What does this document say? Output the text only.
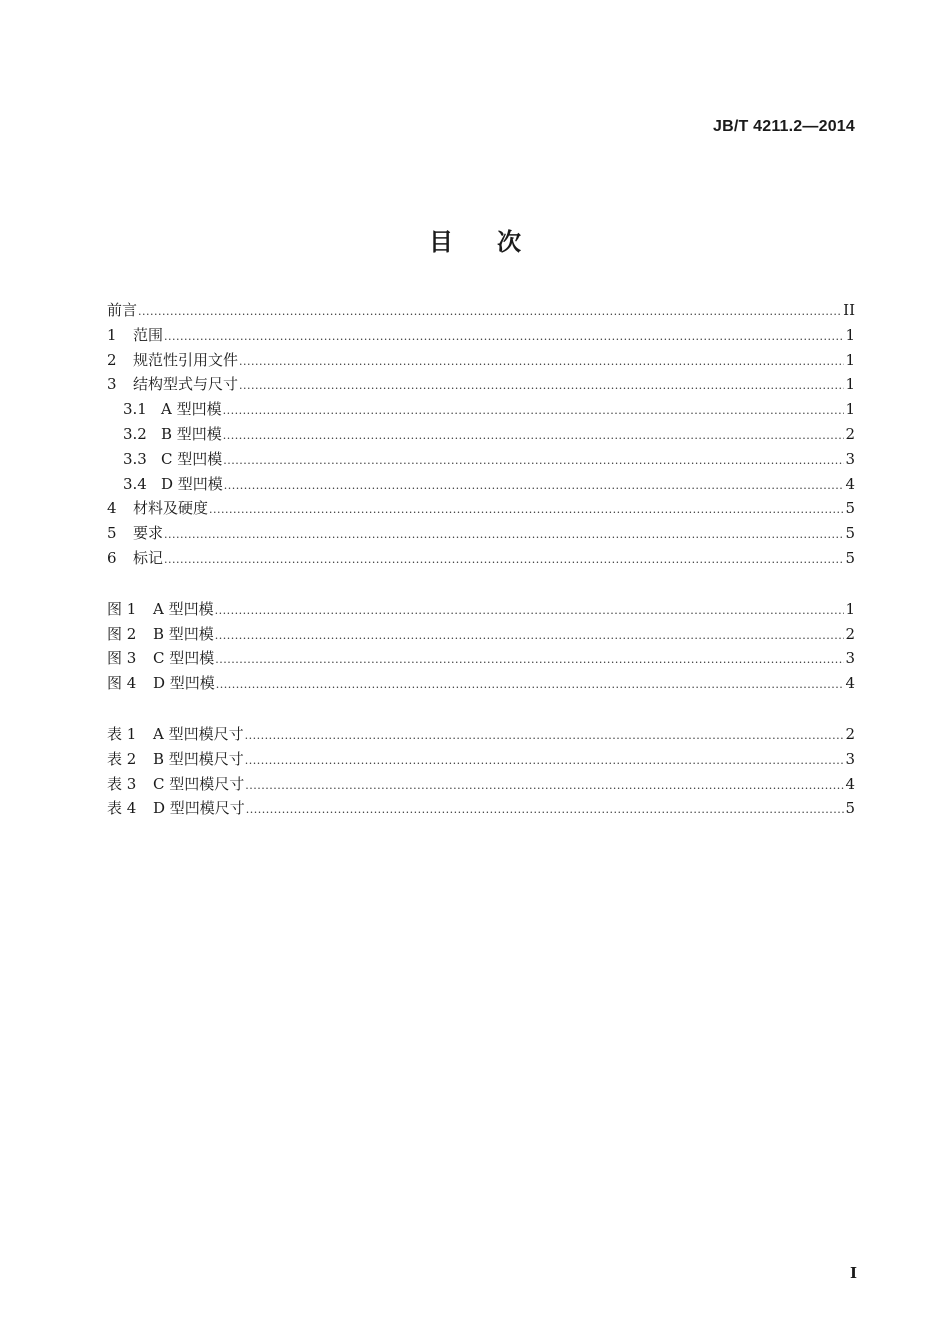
JB/T 4211.2—2014
目 次
前言 .....	II
1	范围 .....	1
2	规范性引用文件 .....	1
3	结构型式与尺寸 .....	1
3.1 A 型凹模 .....	1
3.2 B 型凹模 .....	2
3.3 C 型凹模 .....	3
3.4 D 型凹模 .....	4
4	材料及硬度 .....	5
5	要求 .....	5
6	标记 .....	5
图 1	A 型凹模 .....	1
图 2	B 型凹模 .....	2
图 3	C 型凹模 .....	3
图 4	D 型凹模 .....	4
表 1	A 型凹模尺寸 .....	2
表 2	B 型凹模尺寸 .....	3
表 3	C 型凹模尺寸 .....	4
表 4	D 型凹模尺寸 .....	5
I
